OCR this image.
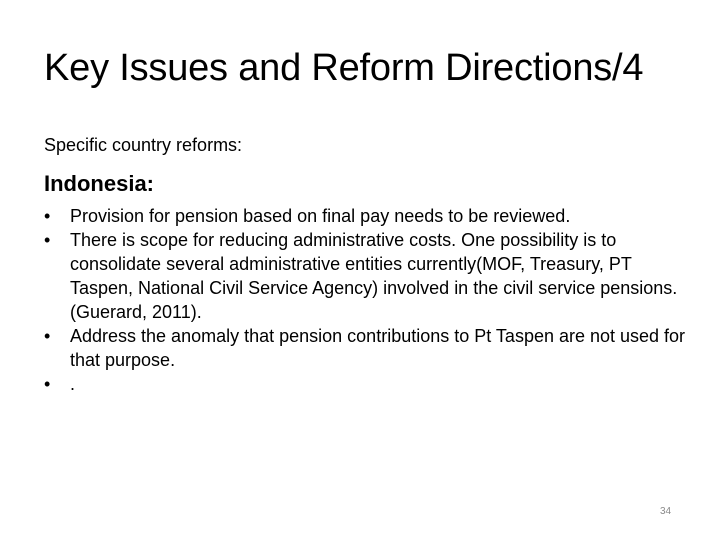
Key Issues and Reform Directions/4
Specific country reforms:
Indonesia:
•	Provision for pension based on final pay needs to be reviewed.
•	There is scope for reducing administrative costs. One possibility is to consolidate several administrative entities currently(MOF, Treasury, PT Taspen, National Civil Service Agency) involved in the civil service pensions. (Guerard, 2011).
•	Address the anomaly that pension contributions to Pt Taspen are not used for that purpose.
•	.
34
